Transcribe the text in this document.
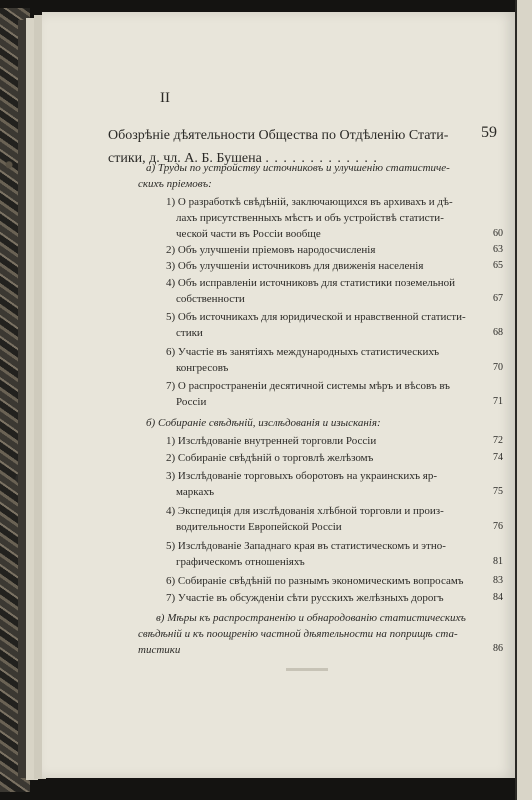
II
Обозрѣніе дѣятельности Общества по Отдѣленію Стати-
стики, д. чл. А. Б. Бушена . . . . . . . . . . . . .
59
а) Труды по устройству источниковъ и улучшенію статистиче-
скихъ пріемовъ:
1) О разработкѣ свѣдѣній, заключающихся въ архивахъ и дѣ-
лахъ присутственныхъ мѣстъ и объ устройствѣ статисти-
ческой части въ Россіи вообще	60
2) Объ улучшеніи пріемовъ народосчисленія	63
3) Объ улучшеніи источниковъ для движенія населенія	65
4) Объ исправленіи источниковъ для статистики поземельной
собственности	67
5) Объ источникахъ для юридической и нравственной статисти-
стики	68
6) Участіе въ занятіяхъ международныхъ статистическихъ
конгресовъ	70
7) О распространеніи десятичной системы мѣръ и вѣсовъ въ
Россіи	71
б) Собираніе свѣдѣній, изслѣдованія и изысканія:
1) Изслѣдованіе внутренней торговли Россіи	72
2) Собираніе свѣдѣній о торговлѣ желѣзомъ	74
3) Изслѣдованіе торговыхъ оборотовъ на украинскихъ яр-
маркахъ	75
4) Экспедиція для изслѣдованія хлѣбной торговли и произ-
водительности Европейской Россіи	76
5) Изслѣдованіе Западнаго края въ статистическомъ и этно-
графическомъ отношеніяхъ	81
6) Собираніе свѣдѣній по разнымъ экономическимъ вопросамъ	83
7) Участіе въ обсужденіи сѣти русскихъ желѣзныхъ дорогъ	84
в) Мѣры къ распространенію и обнародованію статистическихъ
свѣдѣній и къ поощренію частной дѣятельности на поприщѣ ста-
тистики	86
